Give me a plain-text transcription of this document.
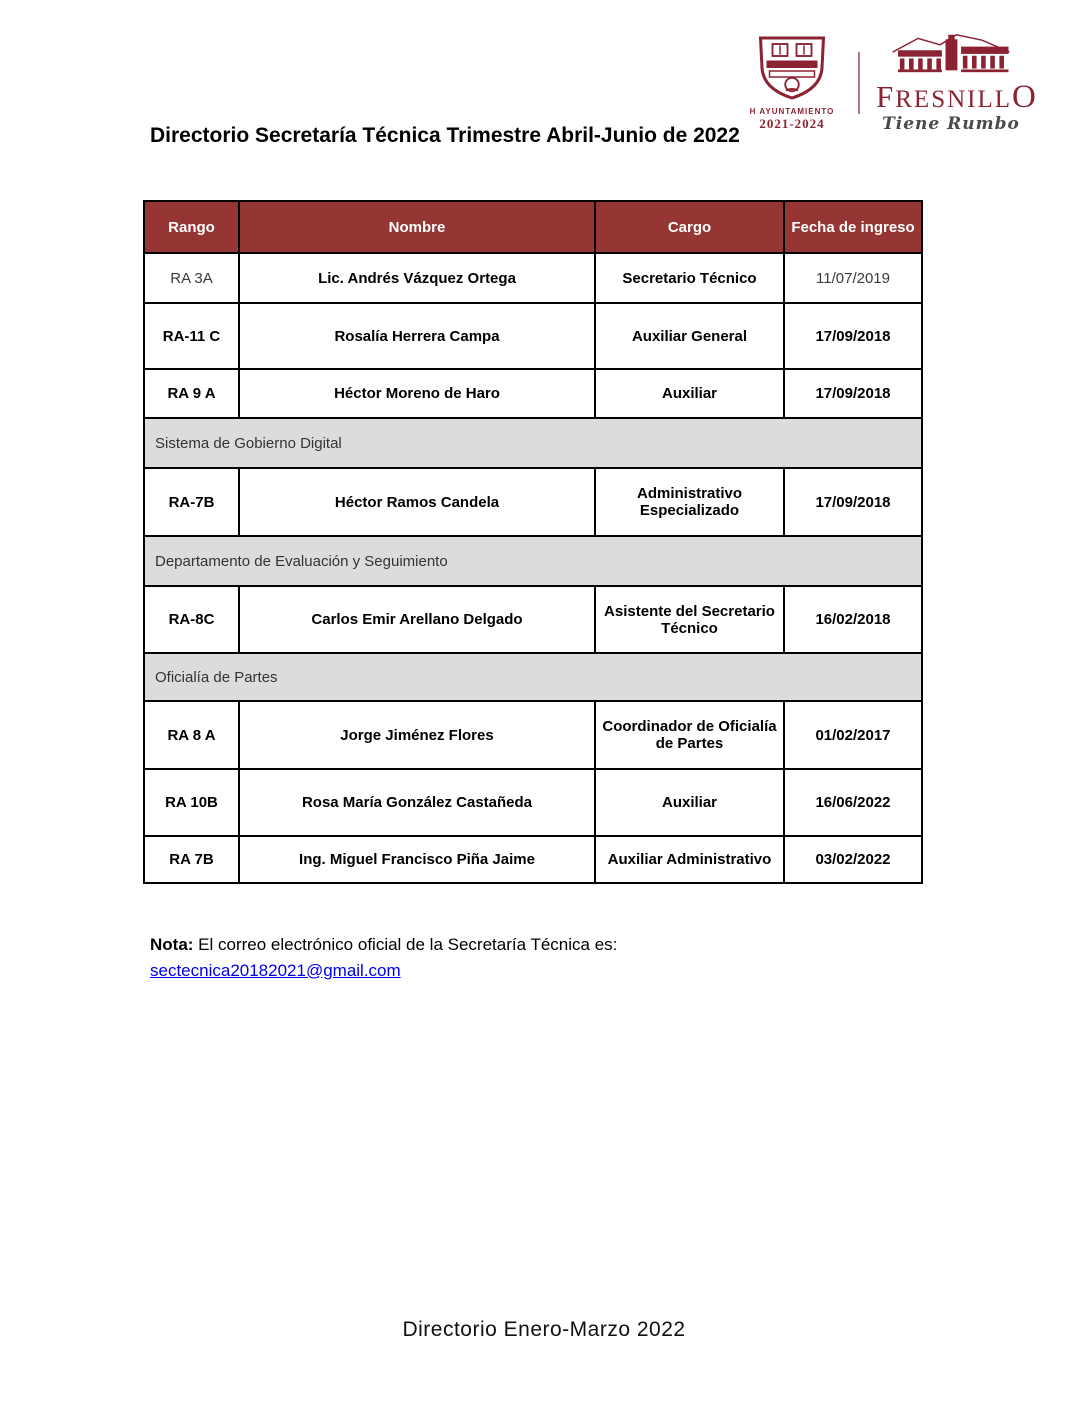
H AYUNTAMIENTO
2021-2024
FRESNILLO
Tiene Rumbo
Directorio Secretaría Técnica Trimestre Abril-Junio de 2022
Rango	Nombre	Cargo	Fecha de ingreso
RA 3A	Lic. Andrés Vázquez Ortega	Secretario Técnico	11/07/2019
RA-11 C	Rosalía Herrera Campa	Auxiliar General	17/09/2018
RA 9 A	Héctor Moreno de Haro	Auxiliar	17/09/2018
Sistema de Gobierno Digital			
RA-7B	Héctor Ramos Candela	Administrativo Especializado	17/09/2018
Departamento de Evaluación y Seguimiento			
RA-8C	Carlos Emir Arellano Delgado	Asistente del Secretario Técnico	16/02/2018
Oficialía de Partes			
RA 8 A	Jorge Jiménez Flores	Coordinador de Oficialía de Partes	01/02/2017
RA 10B	Rosa María González Castañeda	Auxiliar	16/06/2022
RA 7B	Ing. Miguel Francisco Piña Jaime	Auxiliar Administrativo	03/02/2022

Nota: El correo electrónico oficial de la Secretaría Técnica es:
sectecnica20182021@gmail.com

Directorio Enero-Marzo 2022
